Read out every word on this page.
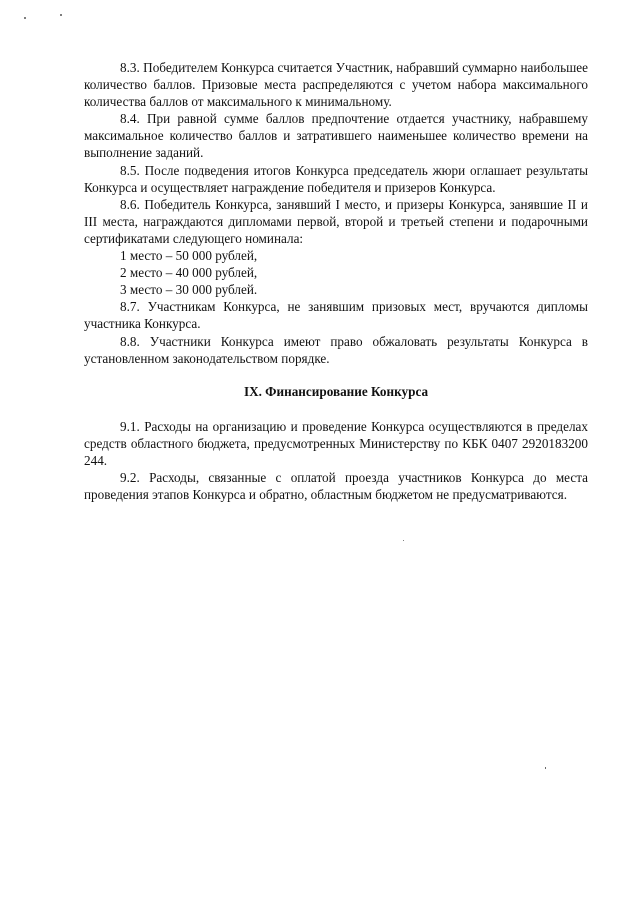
8.3. Победителем Конкурса считается Участник, набравший суммарно наибольшее количество баллов. Призовые места распределяются с учетом набора максимального количества баллов от максимального к минимальному.

8.4. При равной сумме баллов предпочтение отдается участнику, набравшему максимальное количество баллов и затратившего наименьшее количество времени на выполнение заданий.

8.5. После подведения итогов Конкурса председатель жюри оглашает результаты Конкурса и осуществляет награждение победителя и призеров Конкурса.

8.6. Победитель Конкурса, занявший I место, и призеры Конкурса, занявшие II и III места, награждаются дипломами первой, второй и третьей степени и подарочными сертификатами следующего номинала:

1 место – 50 000 рублей,

2 место – 40 000 рублей,

3 место – 30 000 рублей.

8.7. Участникам Конкурса, не занявшим призовых мест, вручаются дипломы участника Конкурса.

8.8. Участники Конкурса имеют право обжаловать результаты Конкурса в установленном законодательством порядке.

IX. Финансирование Конкурса

9.1. Расходы на организацию и проведение Конкурса осуществляются в пределах средств областного бюджета, предусмотренных Министерству по КБК 0407 2920183200 244.

9.2. Расходы, связанные с оплатой проезда участников Конкурса до места проведения этапов Конкурса и обратно, областным бюджетом не предусматриваются.
